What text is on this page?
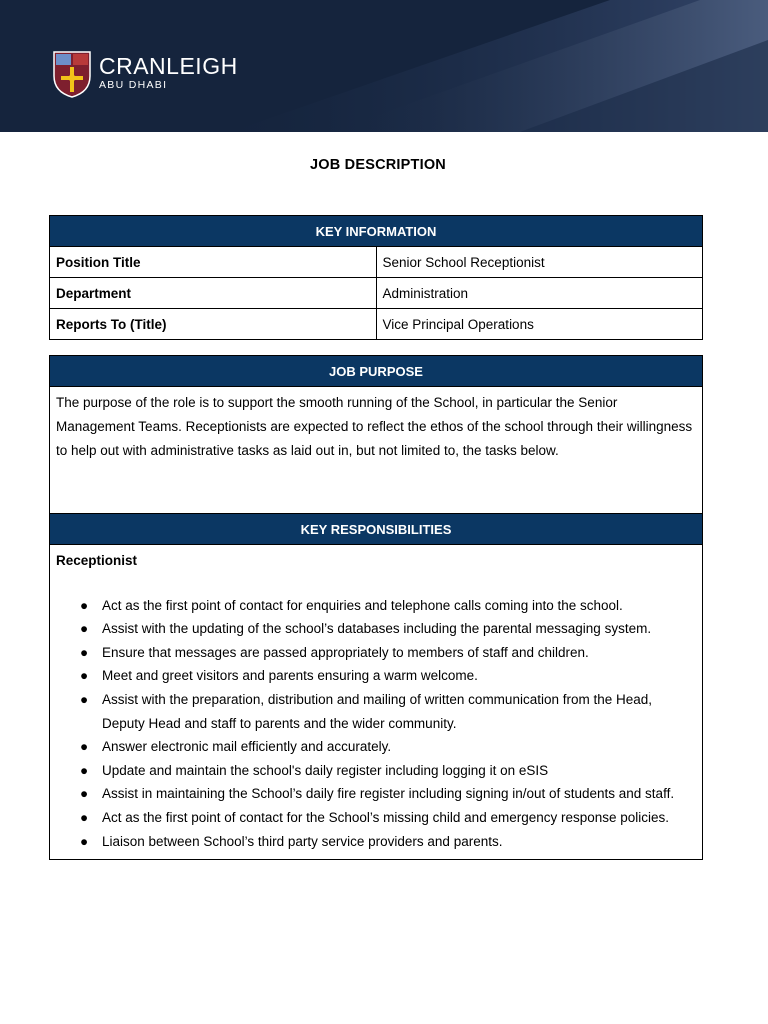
CRANLEIGH
ABU DHABI
JOB DESCRIPTION
KEY INFORMATION	
Position Title	Senior School Receptionist
Department	Administration
Reports To (Title)	Vice Principal Operations
JOB PURPOSE
The purpose of the role is to support the smooth running of the School, in particular the Senior Management Teams. Receptionists are expected to reflect the ethos of the school through their willingness to help out with administrative tasks as laid out in, but not limited to, the tasks below.
KEY RESPONSIBILITIES

Receptionist
● Act as the first point of contact for enquiries and telephone calls coming into the school.
● Assist with the updating of the school’s databases including the parental messaging system.
● Ensure that messages are passed appropriately to members of staff and children.
● Meet and greet visitors and parents ensuring a warm welcome.
● Assist with the preparation, distribution and mailing of written communication from the Head, Deputy Head and staff to parents and the wider community.
● Answer electronic mail efficiently and accurately.
● Update and maintain the school's daily register including logging it on eSIS
● Assist in maintaining the School’s daily fire register including signing in/out of students and staff.
● Act as the first point of contact for the School’s missing child and emergency response policies.
● Liaison between School’s third party service providers and parents.
